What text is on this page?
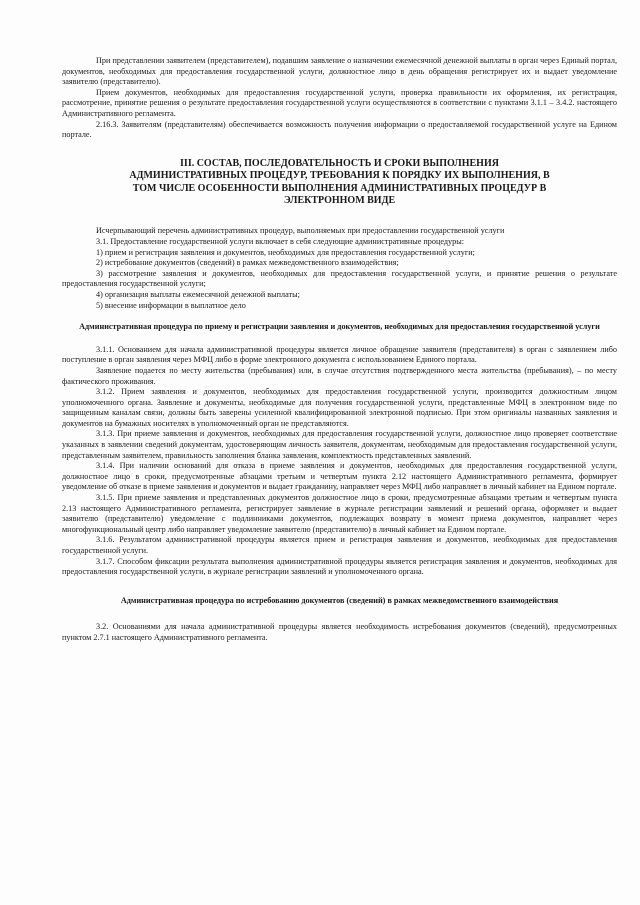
При представлении заявителем (представителем), подавшим заявление о назначении ежемесячной денежной выплаты в орган через Единый портал, документов, необходимых для предоставления государственной услуги, должностное лицо в день обращения регистрирует их и выдает уведомление заявителю (представителю).

Прием документов, необходимых для предоставления государственной услуги, проверка правильности их оформления, их регистрация, рассмотрение, принятие решения о результате предоставления государственной услуги осуществляются в соответствии с пунктами 3.1.1 – 3.4.2. настоящего Административного регламента.

2.16.3. Заявителям (представителям) обеспечивается возможность получения информации о предоставляемой государственной услуге на Едином портале.

III. СОСТАВ, ПОСЛЕДОВАТЕЛЬНОСТЬ И СРОКИ ВЫПОЛНЕНИЯ АДМИНИСТРАТИВНЫХ ПРОЦЕДУР, ТРЕБОВАНИЯ К ПОРЯДКУ ИХ ВЫПОЛНЕНИЯ, В ТОМ ЧИСЛЕ ОСОБЕННОСТИ ВЫПОЛНЕНИЯ АДМИНИСТРАТИВНЫХ ПРОЦЕДУР В ЭЛЕКТРОННОМ ВИДЕ

Исчерпывающий перечень административных процедур, выполняемых при предоставлении государственной услуги

3.1. Предоставление государственной услуги включает в себя следующие административные процедуры:

1) прием и регистрация заявления и документов, необходимых для предоставления государственной услуги;

2) истребование документов (сведений) в рамках межведомственного взаимодействия;

3) рассмотрение заявления и документов, необходимых для предоставления государственной услуги, и принятие решения о результате предоставления государственной услуги;

4) организация выплаты ежемесячной денежной выплаты;

5) внесение информации в выплатное дело

Административная процедура по приему и регистрации заявления и документов, необходимых для предоставления государственной услуги

3.1.1. Основанием для начала административной процедуры является личное обращение заявителя (представителя) в орган с заявлением либо поступление в орган заявления через МФЦ либо в форме электронного документа с использованием Единого портала.

Заявление подается по месту жительства (пребывания) или, в случае отсутствия подтвержденного места жительства (пребывания), – по месту фактического проживания.

3.1.2. Прием заявления и документов, необходимых для предоставления государственной услуги, производится должностным лицом уполномоченного органа. Заявление и документы, необходимые для получения государственной услуги, представленные МФЦ в электронном виде по защищенным каналам связи, должны быть заверены усиленной квалифицированной электронной подписью. При этом оригиналы названных заявления и документов на бумажных носителях в уполномоченный орган не представляются.

3.1.3. При приеме заявления и документов, необходимых для предоставления государственной услуги, должностное лицо проверяет соответствие указанных в заявлении сведений документам, удостоверяющим личность заявителя, документам, необходимым для предоставления государственной услуги, представленным заявителем, правильность заполнения бланка заявления, комплектность представленных заявлений.

3.1.4. При наличии оснований для отказа в приеме заявления и документов, необходимых для предоставления государственной услуги, должностное лицо в сроки, предусмотренные абзацами третьим и четвертым пункта 2.12 настоящего Административного регламента, формирует уведомление об отказе в приеме заявления и документов и выдает гражданину, направляет через МФЦ либо направляет в личный кабинет на Едином портале.

3.1.5. При приеме заявления и представленных документов должностное лицо в сроки, предусмотренные абзацами третьим и четвертым пункта 2.13 настоящего Административного регламента, регистрирует заявление в журнале регистрации заявлений и решений органа, оформляет и выдает заявителю (представителю) уведомление с подлинниками документов, подлежащих возврату в момент приема документов, направляет через многофункциональный центр либо направляет уведомление заявителю (представителю) в личный кабинет на Едином портале.

3.1.6. Результатом административной процедуры является прием и регистрация заявления и документов, необходимых для предоставления государственной услуги.

3.1.7. Способом фиксации результата выполнения административной процедуры является регистрация заявления и документов, необходимых для предоставления государственной услуги, в журнале регистрации заявлений и уполномоченного органа.

Административная процедура по истребованию документов (сведений) в рамках межведомственного взаимодействия

3.2. Основаниями для начала административной процедуры является необходимость истребования документов (сведений), предусмотренных пунктом 2.7.1 настоящего Административного регламента.
